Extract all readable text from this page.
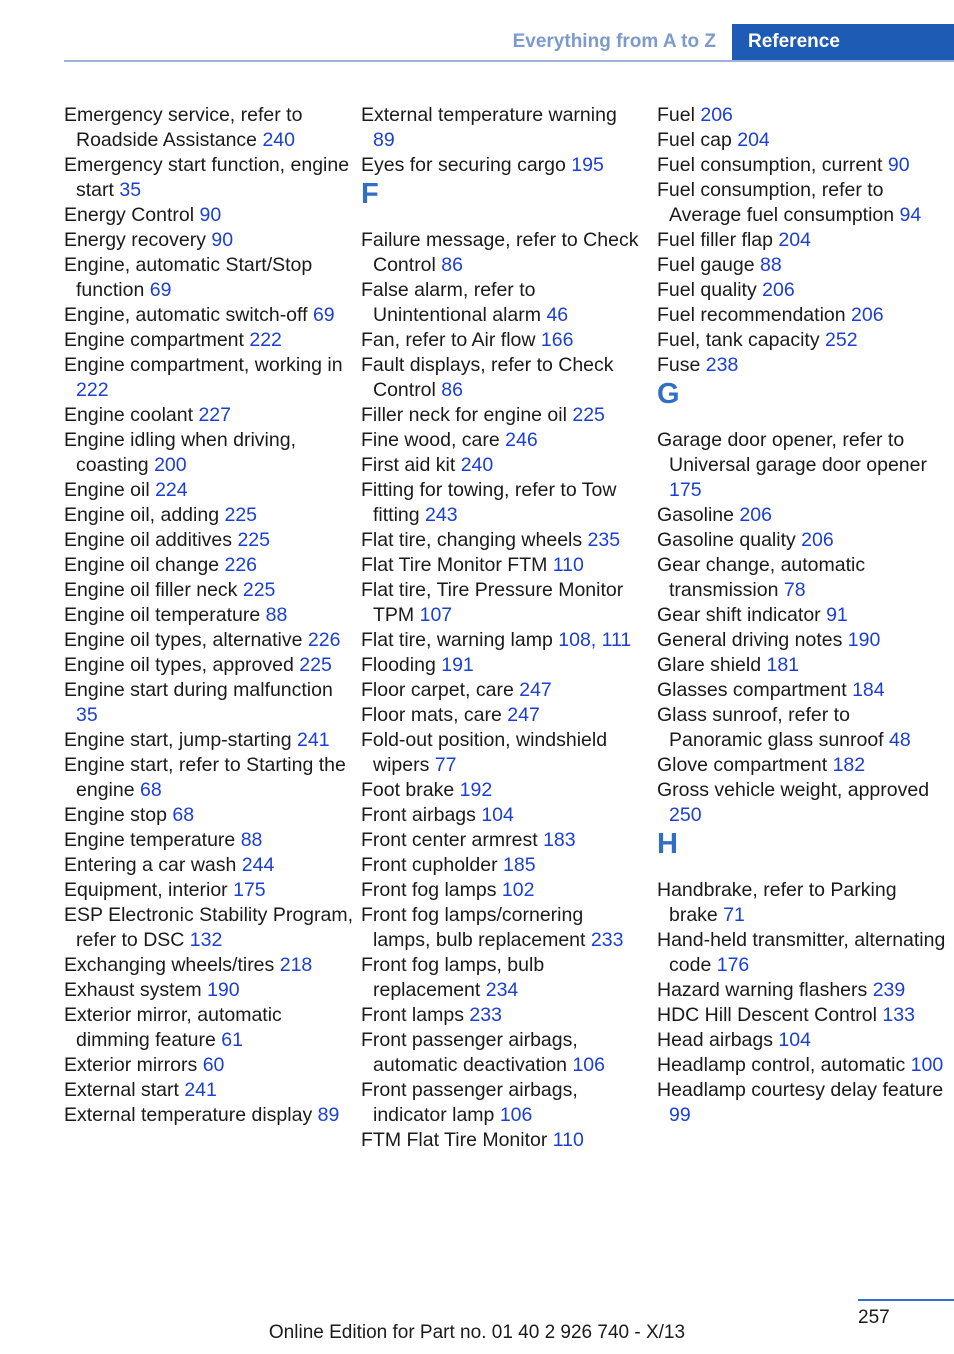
Everything from A to Z	Reference
Emergency service, refer to Roadside Assistance 240
Emergency start function, engine start 35
Energy Control 90
Energy recovery 90
Engine, automatic Start/Stop function 69
Engine, automatic switch-off 69
Engine compartment 222
Engine compartment, working in 222
Engine coolant 227
Engine idling when driving, coasting 200
Engine oil 224
Engine oil, adding 225
Engine oil additives 225
Engine oil change 226
Engine oil filler neck 225
Engine oil temperature 88
Engine oil types, alternative 226
Engine oil types, approved 225
Engine start during malfunction 35
Engine start, jump-starting 241
Engine start, refer to Starting the engine 68
Engine stop 68
Engine temperature 88
Entering a car wash 244
Equipment, interior 175
ESP Electronic Stability Program, refer to DSC 132
Exchanging wheels/tires 218
Exhaust system 190
Exterior mirror, automatic dimming feature 61
Exterior mirrors 60
External start 241
External temperature display 89
External temperature warning 89
Eyes for securing cargo 195
F
Failure message, refer to Check Control 86
False alarm, refer to Unintentional alarm 46
Fan, refer to Air flow 166
Fault displays, refer to Check Control 86
Filler neck for engine oil 225
Fine wood, care 246
First aid kit 240
Fitting for towing, refer to Tow fitting 243
Flat tire, changing wheels 235
Flat Tire Monitor FTM 110
Flat tire, Tire Pressure Monitor TPM 107
Flat tire, warning lamp 108, 111
Flooding 191
Floor carpet, care 247
Floor mats, care 247
Fold-out position, windshield wipers 77
Foot brake 192
Front airbags 104
Front center armrest 183
Front cupholder 185
Front fog lamps 102
Front fog lamps/cornering lamps, bulb replacement 233
Front fog lamps, bulb replacement 234
Front lamps 233
Front passenger airbags, automatic deactivation 106
Front passenger airbags, indicator lamp 106
FTM Flat Tire Monitor 110
Fuel 206
Fuel cap 204
Fuel consumption, current 90
Fuel consumption, refer to Average fuel consumption 94
Fuel filler flap 204
Fuel gauge 88
Fuel quality 206
Fuel recommendation 206
Fuel, tank capacity 252
Fuse 238
G
Garage door opener, refer to Universal garage door opener 175
Gasoline 206
Gasoline quality 206
Gear change, automatic transmission 78
Gear shift indicator 91
General driving notes 190
Glare shield 181
Glasses compartment 184
Glass sunroof, refer to Panoramic glass sunroof 48
Glove compartment 182
Gross vehicle weight, approved 250
H
Handbrake, refer to Parking brake 71
Hand-held transmitter, alternating code 176
Hazard warning flashers 239
HDC Hill Descent Control 133
Head airbags 104
Headlamp control, automatic 100
Headlamp courtesy delay feature 99
257
Online Edition for Part no. 01 40 2 926 740 - X/13
